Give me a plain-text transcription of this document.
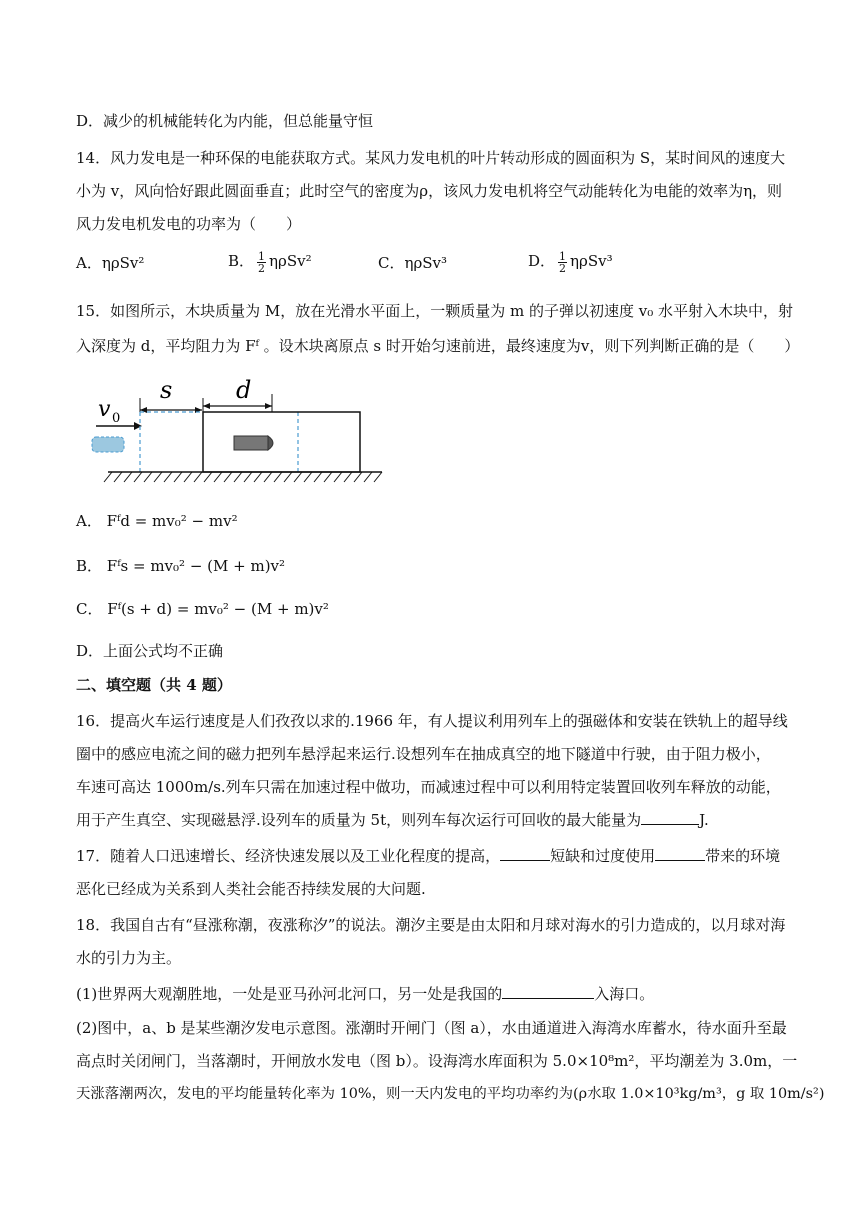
D．减少的机械能转化为内能，但总能量守恒
14．风力发电是一种环保的电能获取方式。某风力发电机的叶片转动形成的圆面积为 S，某时间风的速度大
小为 v，风向恰好跟此圆面垂直；此时空气的密度为ρ，该风力发电机将空气动能转化为电能的效率为η，则
风力发电机发电的功率为（　　）
A．ηρSv²	B． $\frac{1}{2} \eta\rho Sv^2$	C．ηρSv³	D． $\frac{1}{2} \eta\rho Sv^3$
15．如图所示，木块质量为 M，放在光滑水平面上，一颗质量为 m 的子弹以初速度 v₀ 水平射入木块中，射
入深度为 d，平均阻力为 Fᶠ 。设木块离原点 s 时开始匀速前进，最终速度为v，则下列判断正确的是（　　）
v 0
s	d
A． Fᶠd = mv₀² − mv²
B． Fᶠs = mv₀² − (M + m)v²
C． Fᶠ(s + d) = mv₀² − (M + m)v²
D．上面公式均不正确
二、填空题（共 4 题）
16．提高火车运行速度是人们孜孜以求的.1966 年，有人提议利用列车上的强磁体和安装在铁轨上的超导线
圈中的感应电流之间的磁力把列车悬浮起来运行.设想列车在抽成真空的地下隧道中行驶，由于阻力极小，
车速可高达 1000m/s.列车只需在加速过程中做功，而减速过程中可以利用特定装置回收列车释放的动能，
用于产生真空、实现磁悬浮.设列车的质量为 5t，则列车每次运行可回收的最大能量为	J.
17．随着人口迅速增长、经济快速发展以及工业化程度的提高，	短缺和过度使用	带来的环境
恶化已经成为关系到人类社会能否持续发展的大问题.
18．我国自古有“昼涨称潮，夜涨称汐”的说法。潮汐主要是由太阳和月球对海水的引力造成的，以月球对海
水的引力为主。
(1)世界两大观潮胜地，一处是亚马孙河北河口，另一处是我国的	入海口。
(2)图中，a、b 是某些潮汐发电示意图。涨潮时开闸门（图 a），水由通道进入海湾水库蓄水，待水面升至最
高点时关闭闸门，当落潮时，开闸放水发电（图 b）。设海湾水库面积为 5.0×10⁸m²，平均潮差为 3.0m，一
天涨落潮两次，发电的平均能量转化率为 10%，则一天内发电的平均功率约为(ρ水取 1.0×10³kg/m³，g 取 10m/s²)
